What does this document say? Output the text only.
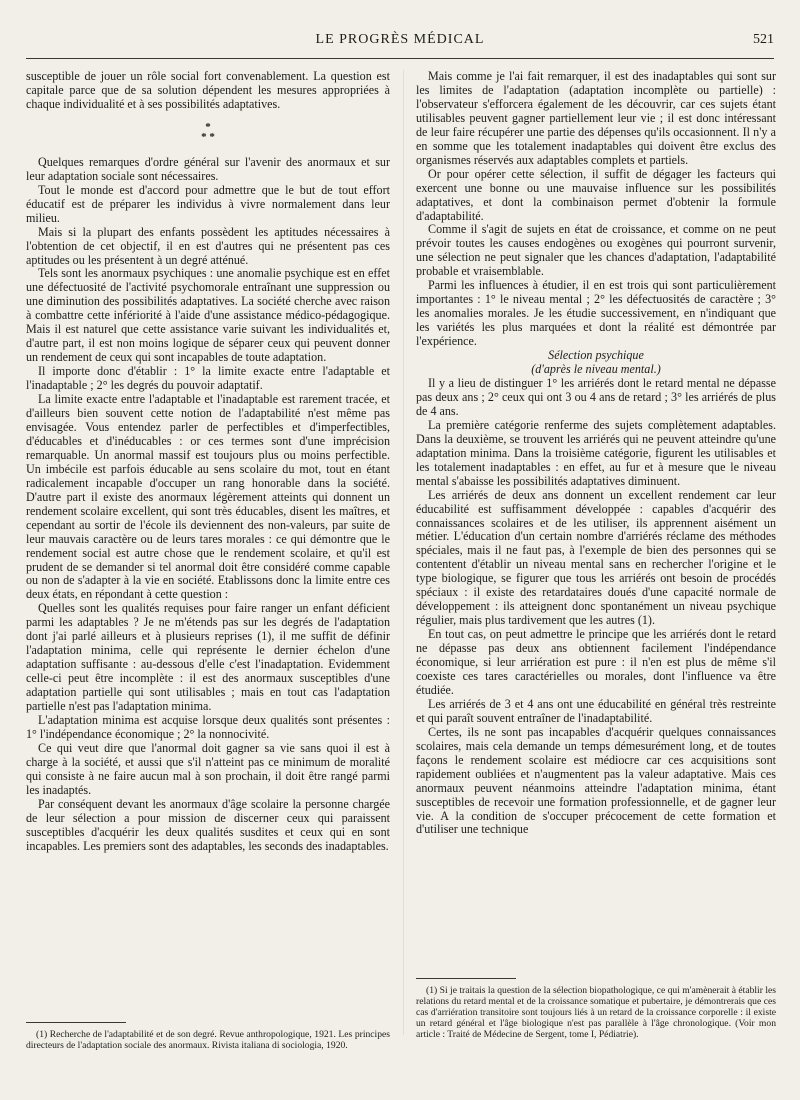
LE PROGRÈS MÉDICAL	521

susceptible de jouer un rôle social fort convenablement. La question est capitale parce que de sa solution dépendent les mesures appropriées à chaque individualité et à ses possibilités adaptatives.

*
* *

Quelques remarques d'ordre général sur l'avenir des anormaux et sur leur adaptation sociale sont nécessaires.

Tout le monde est d'accord pour admettre que le but de tout effort éducatif est de préparer les individus à vivre normalement dans leur milieu.

Mais si la plupart des enfants possèdent les aptitudes nécessaires à l'obtention de cet objectif, il en est d'autres qui ne présentent pas ces aptitudes ou les présentent à un degré atténué.

Tels sont les anormaux psychiques : une anomalie psychique est en effet une défectuosité de l'activité psychomorale entraînant une suppression ou une diminution des possibilités adaptatives. La société cherche avec raison à combattre cette infériorité à l'aide d'une assistance médico-pédagogique. Mais il est naturel que cette assistance varie suivant les individualités et, d'autre part, il est non moins logique de séparer ceux qui peuvent donner un rendement de ceux qui sont incapables de toute adaptation.

Il importe donc d'établir : 1° la limite exacte entre l'adaptable et l'inadaptable ; 2° les degrés du pouvoir adaptatif.

La limite exacte entre l'adaptable et l'inadaptable est rarement tracée, et d'ailleurs bien souvent cette notion de l'adaptabilité n'est même pas envisagée. Vous entendez parler de perfectibles et d'imperfectibles, d'éducables et d'inéducables : or ces termes sont d'une imprécision remarquable. Un anormal massif est toujours plus ou moins perfectible. Un imbécile est parfois éducable au sens scolaire du mot, tout en étant radicalement incapable d'occuper un rang honorable dans la société. D'autre part il existe des anormaux légèrement atteints qui donnent un rendement scolaire excellent, qui sont très éducables, disent les maîtres, et cependant au sortir de l'école ils deviennent des non-valeurs, par suite de leur mauvais caractère ou de leurs tares morales : ce qui démontre que le rendement social est autre chose que le rendement scolaire, et qu'il est prudent de se demander si tel anormal doit être considéré comme capable ou non de s'adapter à la vie en société. Etablissons donc la limite entre ces deux états, en répondant à cette question :

Quelles sont les qualités requises pour faire ranger un enfant déficient parmi les adaptables ? Je ne m'étends pas sur les degrés de l'adaptation dont j'ai parlé ailleurs et à plusieurs reprises (1), il me suffit de définir l'adaptation minima, celle qui représente le dernier échelon d'une adaptation suffisante : au-dessous d'elle c'est l'inadaptation. Evidemment celle-ci peut être incomplète : il est des anormaux susceptibles d'une adaptation partielle qui sont utilisables ; mais en tout cas l'adaptation partielle n'est pas l'adaptation minima.

L'adaptation minima est acquise lorsque deux qualités sont présentes : 1° l'indépendance économique ; 2° la nonnocivité.

Ce qui veut dire que l'anormal doit gagner sa vie sans quoi il est à charge à la société, et aussi que s'il n'atteint pas ce minimum de moralité qui consiste à ne faire aucun mal à son prochain, il doit être rangé parmi les inadaptés.

Par conséquent devant les anormaux d'âge scolaire la personne chargée de leur sélection a pour mission de discerner ceux qui paraissent susceptibles d'acquérir les deux qualités susdites et ceux qui en sont incapables. Les premiers sont des adaptables, les seconds des inadaptables.

(1) Recherche de l'adaptabilité et de son degré. Revue anthropologique, 1921. Les principes directeurs de l'adaptation sociale des anormaux. Rivista italiana di sociologia, 1920.

Mais comme je l'ai fait remarquer, il est des inadaptables qui sont sur les limites de l'adaptation (adaptation incomplète ou partielle) : l'observateur s'efforcera également de les découvrir, car ces sujets étant utilisables peuvent gagner partiellement leur vie ; il est donc intéressant de leur faire récupérer une partie des dépenses qu'ils occasionnent. Il n'y a en somme que les totalement inadaptables qui doivent être exclus des organismes réservés aux adaptables complets et partiels.

Or pour opérer cette sélection, il suffit de dégager les facteurs qui exercent une bonne ou une mauvaise influence sur les possibilités adaptatives, et dont la combinaison permet d'obtenir la formule d'adaptabilité.

Comme il s'agit de sujets en état de croissance, et comme on ne peut prévoir toutes les causes endogènes ou exogènes qui pourront survenir, une sélection ne peut signaler que les chances d'adaptation, l'adaptabilité probable et vraisemblable.

Parmi les influences à étudier, il en est trois qui sont particulièrement importantes : 1° le niveau mental ; 2° les défectuosités de caractère ; 3° les anomalies morales. Je les étudie successivement, en n'indiquant que les variétés les plus marquées et dont la réalité est démontrée par l'expérience.

Sélection psychique

(d'après le niveau mental.)

Il y a lieu de distinguer 1° les arriérés dont le retard mental ne dépasse pas deux ans ; 2° ceux qui ont 3 ou 4 ans de retard ; 3° les arriérés de plus de 4 ans.

La première catégorie renferme des sujets complètement adaptables. Dans la deuxième, se trouvent les arriérés qui ne peuvent atteindre qu'une adaptation minima. Dans la troisième catégorie, figurent les utilisables et les totalement inadaptables : en effet, au fur et à mesure que le niveau mental s'abaisse les possibilités adaptatives diminuent.

Les arriérés de deux ans donnent un excellent rendement car leur éducabilité est suffisamment développée : capables d'acquérir des connaissances scolaires et de les utiliser, ils apprennent aisément un métier. L'éducation d'un certain nombre d'arriérés réclame des méthodes spéciales, mais il ne faut pas, à l'exemple de bien des personnes qui se contentent d'établir un niveau mental sans en rechercher l'origine et le type biologique, se figurer que tous les arriérés ont besoin de procédés spéciaux : il existe des retardataires doués d'une capacité normale de développement : ils atteignent donc spontanément un niveau psychique régulier, mais plus tardivement que les autres (1).

En tout cas, on peut admettre le principe que les arriérés dont le retard ne dépasse pas deux ans obtiennent facilement l'indépendance économique, si leur arriération est pure : il n'en est plus de même s'il coexiste ces tares caractérielles ou morales, dont l'influence va être étudiée.

Les arriérés de 3 et 4 ans ont une éducabilité en général très restreinte et qui paraît souvent entraîner de l'inadaptabilité.

Certes, ils ne sont pas incapables d'acquérir quelques connaissances scolaires, mais cela demande un temps démesurément long, et de toutes façons le rendement scolaire est médiocre car ces acquisitions sont rapidement oubliées et n'augmentent pas la valeur adaptative. Mais ces anormaux peuvent néanmoins atteindre l'adaptation minima, étant susceptibles de recevoir une formation professionnelle, et de gagner leur vie. A la condition de s'occuper précocement de cette formation et d'utiliser une technique

(1) Si je traitais la question de la sélection biopathologique, ce qui m'amènerait à établir les relations du retard mental et de la croissance somatique et pubertaire, je démontrerais que ces cas d'arriération transitoire sont toujours liés à un retard de la croissance corporelle : il existe un retard général et l'âge biologique n'est pas parallèle à l'âge chronologique. (Voir mon article : Traité de Médecine de Sergent, tome I, Pédiatrie).
